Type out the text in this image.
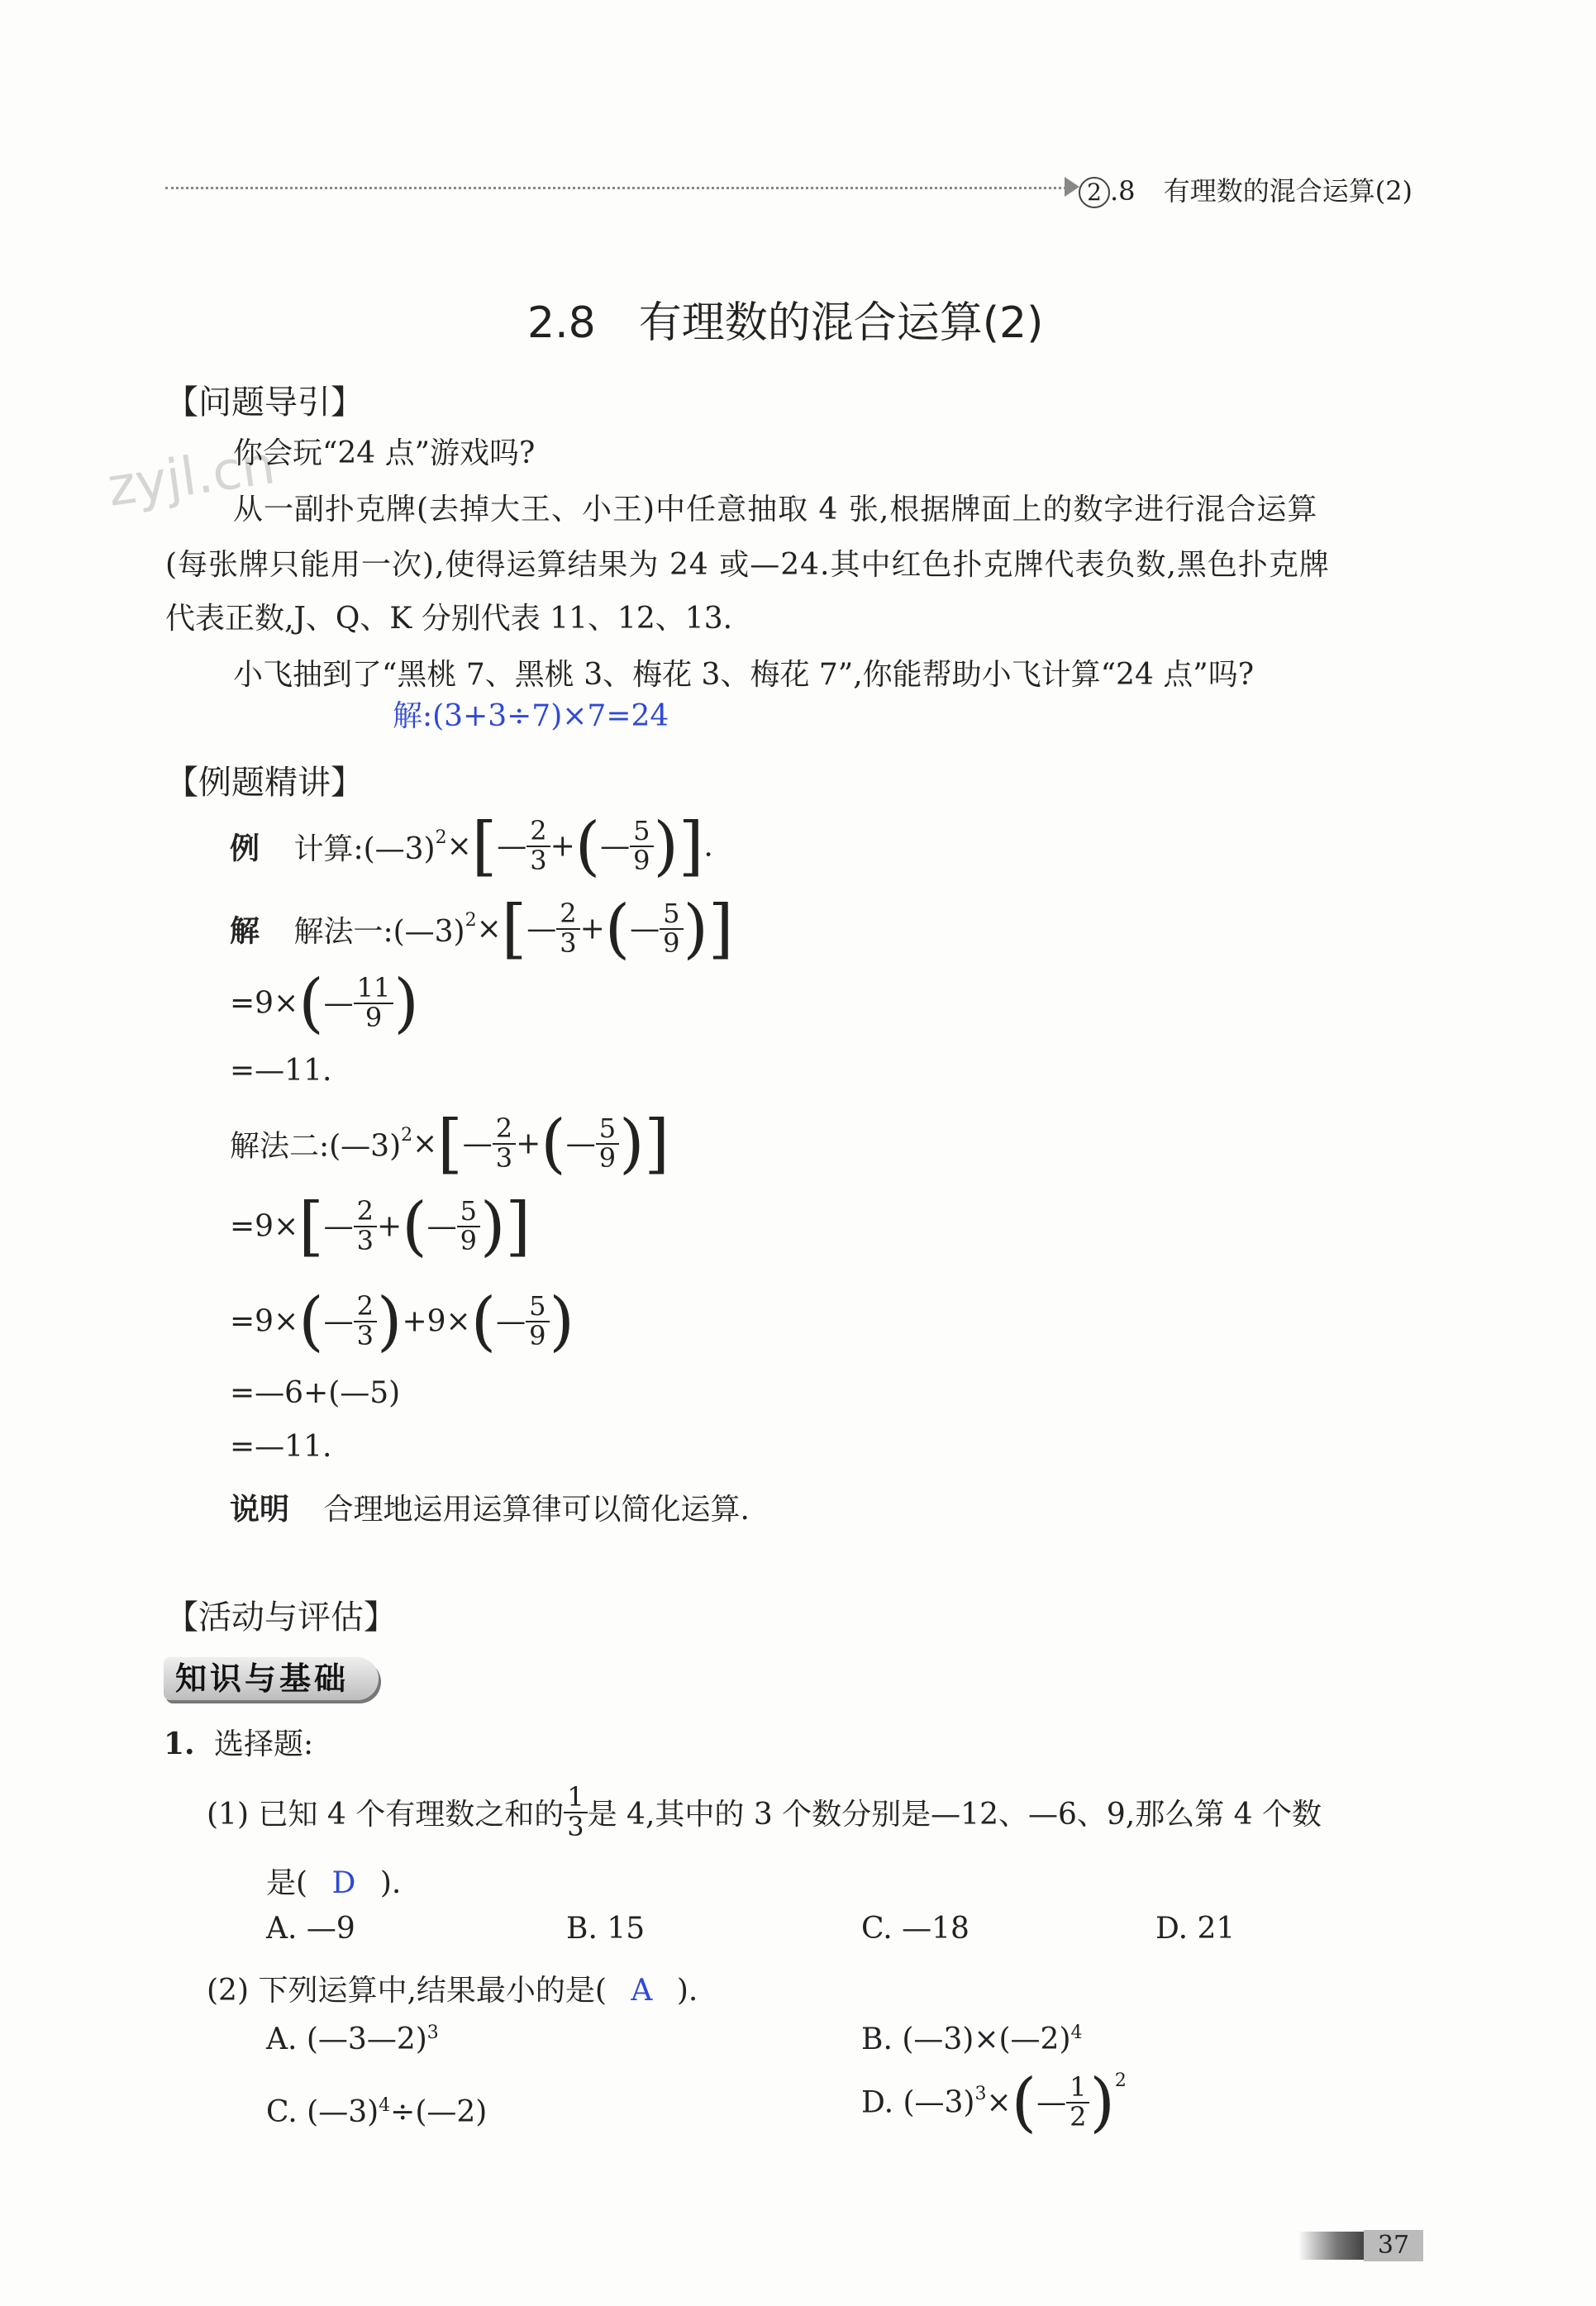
2 .8 有理数的混合运算(2)
2.8　有理数的混合运算(2)
zyjl.cn
【问题导引】
你会玩“24 点”游戏吗?
从一副扑克牌(去掉大王、小王)中任意抽取 4 张,根据牌面上的数字进行混合运算
(每张牌只能用一次),使得运算结果为 24 或—24.其中红色扑克牌代表负数,黑色扑克牌
代表正数,J、Q、K 分别代表 11、12、13.
小飞抽到了“黑桃 7、黑桃 3、梅花 3、梅花 7”,你能帮助小飞计算“24 点”吗?
解:(3+3÷7)×7=24
【例题精讲】
例 计算:(—3)$^2$×[— $\frac{2}{3}$ +(— $\frac{5}{9}$ )].
解 解法一:(—3)$^2$×[— $\frac{2}{3}$ +(— $\frac{5}{9}$ )]
=9×(— $\frac{11}{9}$ )
=—11.
解法二:(—3)$^2$×[— $\frac{2}{3}$ +(— $\frac{5}{9}$ )]
=9×[— $\frac{2}{3}$ +(— $\frac{5}{9}$ )]
=9×(— $\frac{2}{3}$ )+9×(— $\frac{5}{9}$ )
=—6+(—5)
=—11.
说明 合理地运用运算律可以简化运算.
【活动与评估】
知识与基础
1. 选择题:
(1) 已知 4 个有理数之和的 $\frac{1}{3}$ 是 4,其中的 3 个数分别是—12、—6、9,那么第 4 个数
是( D ).
A. —9	B. 15	C. —18	D. 21
(2) 下列运算中,结果最小的是( A ).
A. (—3—2)$^3$	B. (—3)×(—2)$^4$
C. (—3)$^4$÷(—2)	D. (—3)$^3$×(— $\frac{1}{2} )^2$
37
